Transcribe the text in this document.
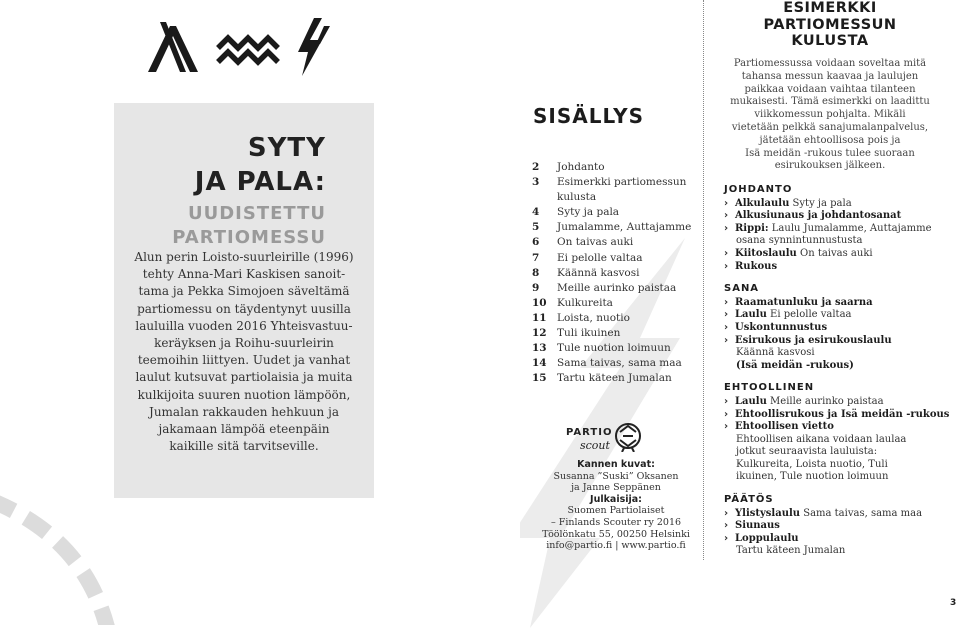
SYTY
JA PALA:
UUDISTETTU
PARTIOMESSU
Alun perin Loisto-suurleirille (1996)
tehty Anna-Mari Kaskisen sanoit-
tama ja Pekka Simojoen säveltämä
partiomessu on täydentynyt uusilla
lauluilla vuoden 2016 Yhteisvastuu-
keräyksen ja Roihu-suurleirin
teemoihin liittyen. Uudet ja vanhat
laulut kutsuvat partiolaisia ja muita
kulkijoita suuren nuotion lämpöön,
Jumalan rakkauden hehkuun ja
jakamaan lämpöä eteenpäin
kaikille sitä tarvitseville.
SISÄLLYS
2	Johdanto
3	Esimerkki partiomessun
kulusta
4	Syty ja pala
5	Jumalamme, Auttajamme
6	On taivas auki
7	Ei pelolle valtaa
8	Käännä kasvosi
9	Meille aurinko paistaa
10 Kulkureita
11 Loista, nuotio
12 Tuli ikuinen
13 Tule nuotion loimuun
14 Sama taivas, sama maa
15 Tartu käteen Jumalan
PARTIO
scout
Kannen kuvat:
Susanna ”Suski” Oksanen
ja Janne Seppänen
Julkaisija:
Suomen Partiolaiset
– Finlands Scouter ry 2016
Töölönkatu 55, 00250 Helsinki
info@partio.fi | www.partio.fi
ESIMERKKI
PARTIOMESSUN
KULUSTA
Partiomessussa voidaan soveltaa mitä
tahansa messun kaavaa ja laulujen
paikkaa voidaan vaihtaa tilanteen
mukaisesti. Tämä esimerkki on laadittu
viikkomessun pohjalta. Mikäli
vietetään pelkkä sanajumalanpalvelus,
jätetään ehtoollisosa pois ja
Isä meidän -rukous tulee suoraan
esirukouksen jälkeen.
JOHDANTO
› Alkulaulu Syty ja pala
› Alkusiunaus ja johdantosanat
› Rippi: Laulu Jumalamme, Auttajamme
osana synnintunnustusta
› Kiitoslaulu On taivas auki
› Rukous
SANA
› Raamatunluku ja saarna
› Laulu Ei pelolle valtaa
› Uskontunnustus
› Esirukous ja esirukouslaulu
Käännä kasvosi
(Isä meidän -rukous)
EHTOOLLINEN
› Laulu Meille aurinko paistaa
› Ehtoollisrukous ja Isä meidän -rukous
› Ehtoollisen vietto
Ehtoollisen aikana voidaan laulaa
jotkut seuraavista lauluista:
Kulkureita, Loista nuotio, Tuli
ikuinen, Tule nuotion loimuun
PÄÄTÖS
› Ylistyslaulu Sama taivas, sama maa
› Siunaus
› Loppulaulu
Tartu käteen Jumalan
3
